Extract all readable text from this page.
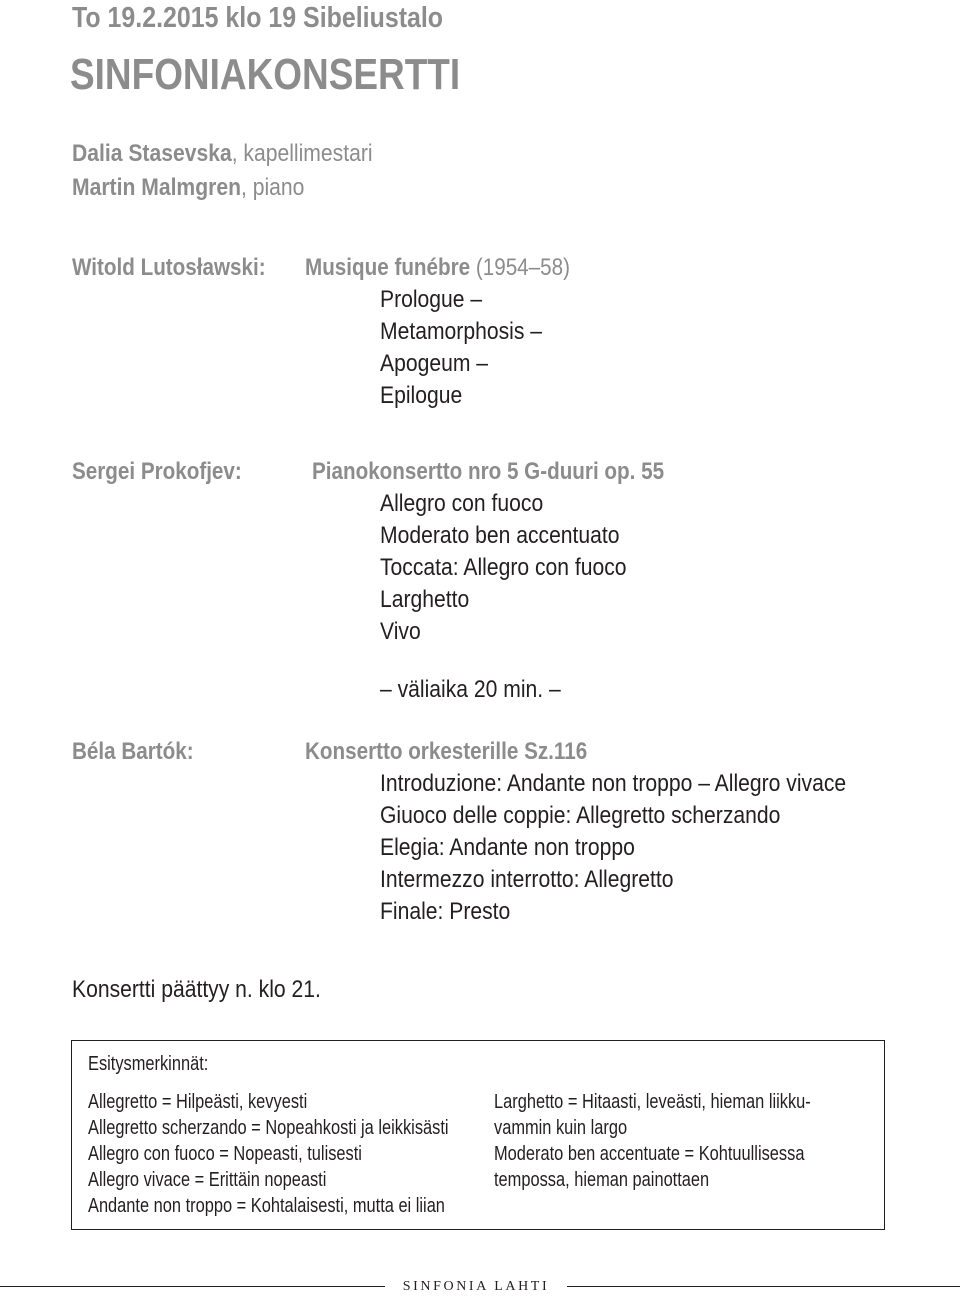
To 19.2.2015 klo 19 Sibeliustalo
SINFONIAKONSERTTI
Dalia Stasevska, kapellimestari
Martin Malmgren, piano
Witold Lutosławski:	Musique funébre (1954–58)
Prologue –
Metamorphosis –
Apogeum –
Epilogue
Sergei Prokofjev:	Pianokonsertto nro 5 G-duuri op. 55
Allegro con fuoco
Moderato ben accentuato
Toccata: Allegro con fuoco
Larghetto
Vivo
– väliaika 20 min. –
Béla Bartók:	Konsertto orkesterille Sz.116
Introduzione: Andante non troppo – Allegro vivace
Giuoco delle coppie: Allegretto scherzando
Elegia: Andante non troppo
Intermezzo interrotto: Allegretto
Finale: Presto
Konsertti päättyy n. klo 21.
Esitysmerkinnät:
Allegretto = Hilpeästi, kevyesti
Allegretto scherzando = Nopeahkosti ja leikkisästi
Allegro con fuoco = Nopeasti, tulisesti
Allegro vivace = Erittäin nopeasti
Andante non troppo = Kohtalaisesti, mutta ei liian
Larghetto = Hitaasti, leveästi, hieman liikku-
vammin kuin largo
Moderato ben accentuate = Kohtuullisessa
tempossa, hieman painottaen
SINFONIA LAHTI
